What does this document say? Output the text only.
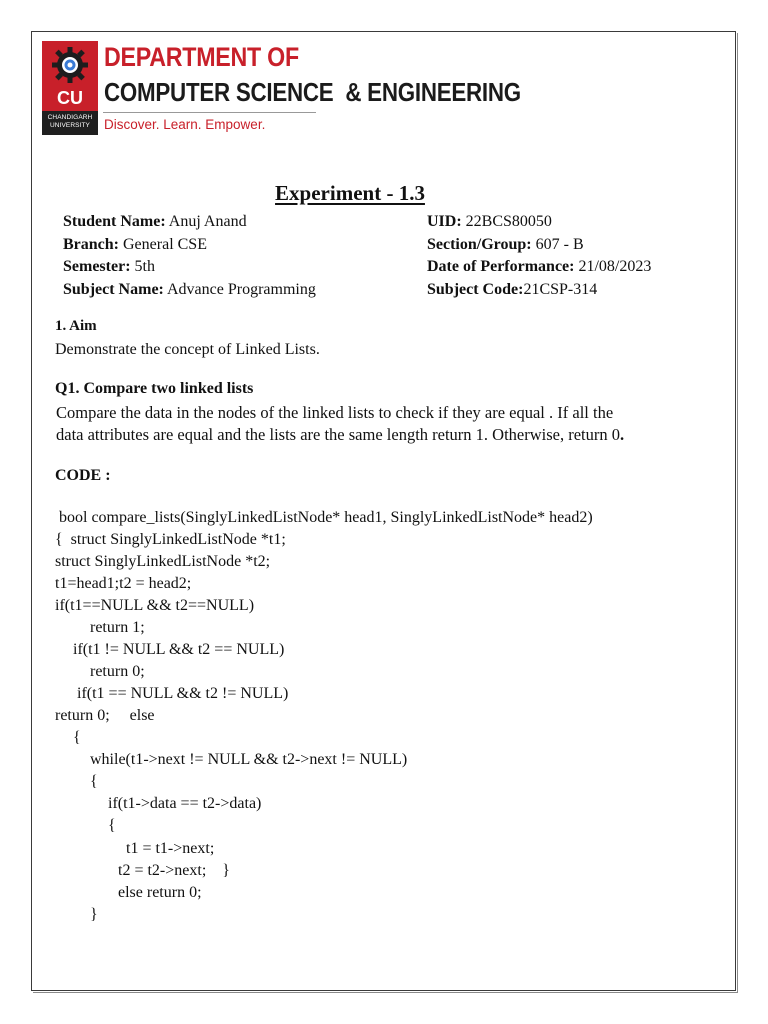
CU
CHANDIGARH
UNIVERSITY
DEPARTMENT OF
COMPUTER SCIENCE  & ENGINEERING
Discover. Learn. Empower.
Experiment - 1.3
Student Name: Anuj Anand
Branch: General CSE
Semester: 5th
Subject Name: Advance Programming
UID: 22BCS80050
Section/Group: 607 - B
Date of Performance: 21/08/2023
Subject Code:21CSP-314
1. Aim
Demonstrate the concept of Linked Lists.
Q1. Compare two linked lists
Compare the data in the nodes of the linked lists to check if they are equal . If all the
data attributes are equal and the lists are the same length return 1. Otherwise, return 0.
CODE :
bool compare_lists(SinglyLinkedListNode* head1, SinglyLinkedListNode* head2)
{  struct SinglyLinkedListNode *t1;
struct SinglyLinkedListNode *t2;
t1=head1;t2 = head2;
if(t1==NULL && t2==NULL)
return 1;
if(t1 != NULL && t2 == NULL)
return 0;
if(t1 == NULL && t2 != NULL)
return 0;     else
{
while(t1->next != NULL && t2->next != NULL)
{
if(t1->data == t2->data)
{
t1 = t1->next;
t2 = t2->next;    }
else return 0;
}
